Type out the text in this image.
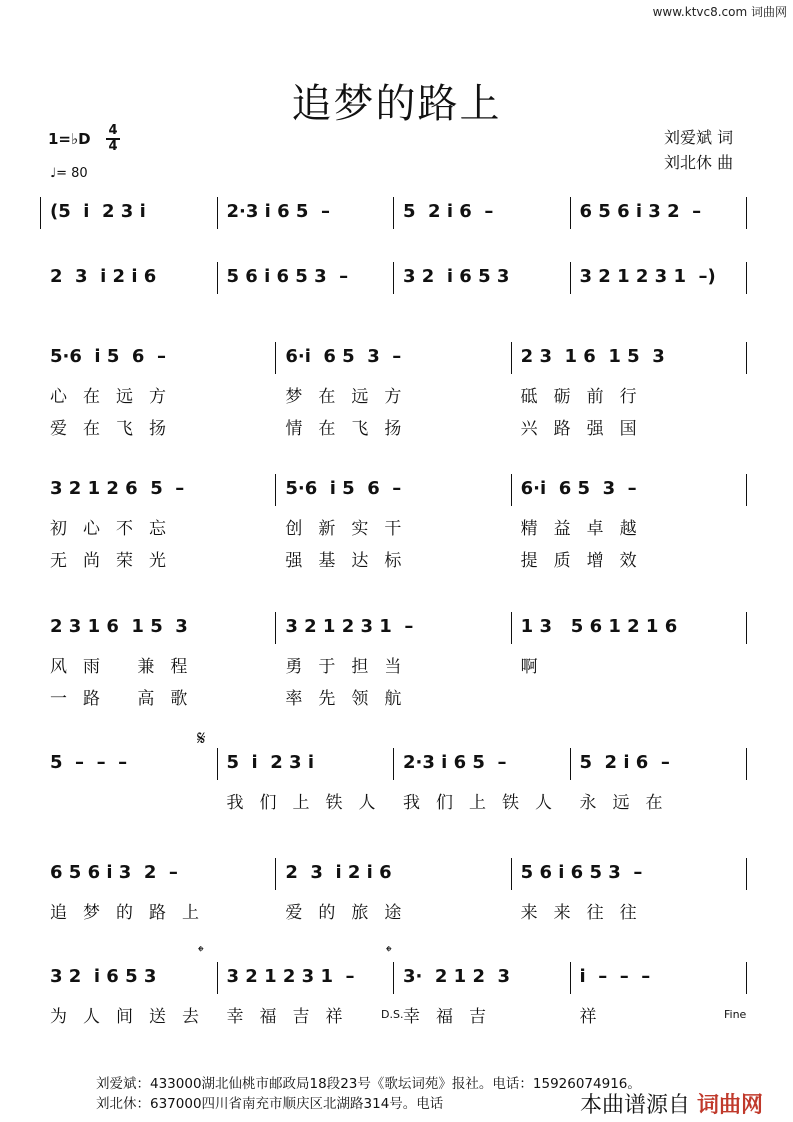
www.ktvc8.com 词曲网
追梦的路上
1=♭D 4
4
♩= 80
刘爱斌 词
刘北休 曲
(5  i  2 3 i	2·3 i 6 5  –	5  2 i 6  –	6 5 6 i 3 2  –
2  3  i 2 i 6	5 6 i 6 5 3  –	3 2  i 6 5 3	3 2 1 2 3 1  –)
5·6  i 5  6  –	6·i  6 5  3  –	2 3  1 6  1 5  3
心在远方	梦在远方	砥砺前行
爱在飞扬	情在飞扬	兴路强国
3 2 1 2 6  5  –	5·6  i 5  6  –	6·i  6 5  3  –
初心不忘	创新实干	精益卓越
无尚荣光	强基达标	提质增效
2 3 1 6  1 5  3	3 2 1 2 3 1  –	1 3   5 6 1 2 1 6
风雨 兼程	勇于担当	啊
一路 高歌	率先领航
5  –  –  –	5  i  2 3 i	2·3 i 6 5  –	5  2 i 6  –
我们上铁人 我们上铁人 永远在
6 5 6 i 3  2  –	2  3  i 2 i 6	5 6 i 6 5 3  –
追梦的路上	爱的旅途	来来往往
3 2  i 6 5 3	3 2 1 2 3 1  –	3·  2 1 2  3	i  –  –  –
为人间送去 幸福吉祥	幸福吉	祥
𝄋
𝄌	𝄌
D.S.	Fine
刘爱斌：433000湖北仙桃市邮政局18段23号《歌坛词苑》报社。电话：15926074916。
刘北休：637000四川省南充市顺庆区北湖路314号。电话	本曲谱源自 词曲网
